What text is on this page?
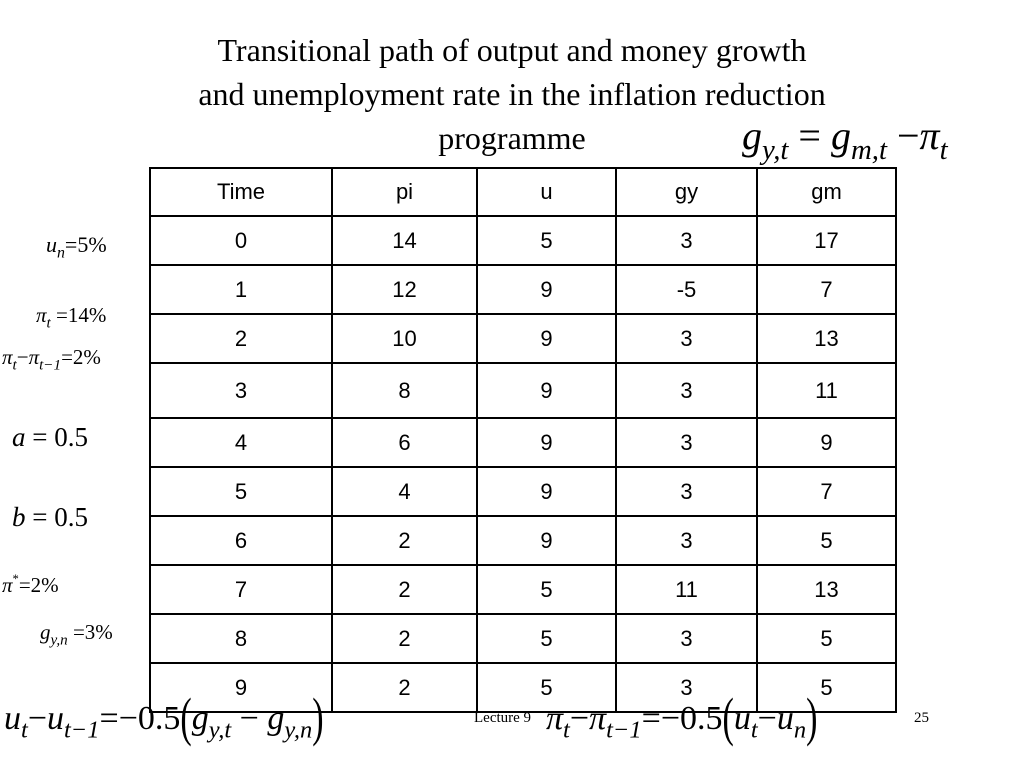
Transitional path of output and money growth
and unemployment rate in the inflation reduction
programme	$g_{y,t} = g_{m,t} -\pi_t$
Time	pi	u	gy	gm
0	14	5	3	17
1	12	9	-5	7
2	10	9	3	13
3	8	9	3	11
4	6	9	3	9
5	4	9	3	7
6	2	9	3	5
7	2	5	11	13
8	2	5	3	5
9	2	5	3	5
$u_n=5\%$
$\pi_t =14\%$
$\pi_t-\pi_{t-1}=2\%$
a = 0.5
b = 0.5
π*=2%
$g_{y,n} =3\%$
$u_t-u_{t-1}=-0.5(g_{y,t} - g_{y,n})$	$\pi_t-\pi_{t-1}=-0.5(u_t-u_n)$
Lecture 9	25
